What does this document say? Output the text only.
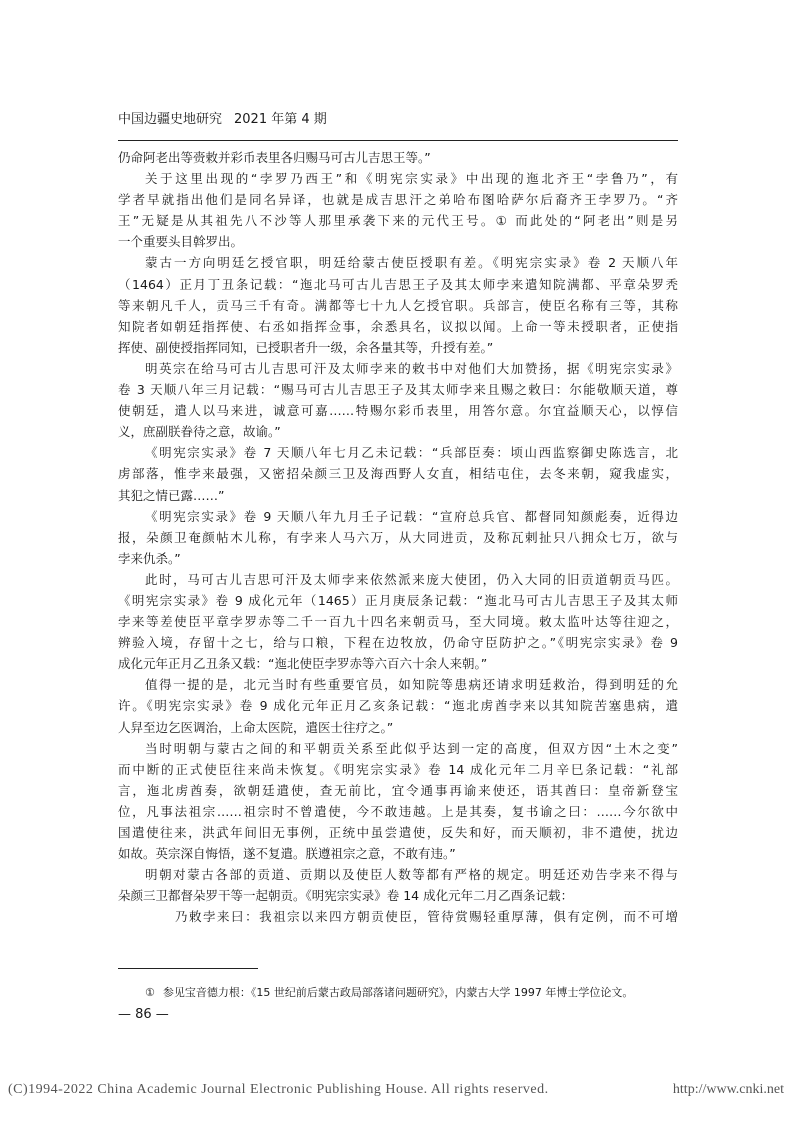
中国边疆史地研究 2021 年第 4 期
仍命阿老出等赍敕并彩币表里各归赐马可古儿吉思王等。”
关于这里出现的“孛罗乃西王”和《明宪宗实录》中出现的迤北齐王“孛鲁乃”，有
学者早就指出他们是同名异译，也就是成吉思汗之弟哈布图哈萨尔后裔齐王孛罗乃。“齐
王”无疑是从其祖先八不沙等人那里承袭下来的元代王号。① 而此处的“阿老出”则是另
一个重要头目斡罗出。
蒙古一方向明廷乞授官职，明廷给蒙古使臣授职有差。《明宪宗实录》卷 2 天顺八年
（1464）正月丁丑条记载：“迤北马可古儿吉思王子及其太师孛来遣知院满都、平章朵罗秃
等来朝凡千人，贡马三千有奇。满都等七十九人乞授官职。兵部言，使臣名称有三等，其称
知院者如朝廷指挥使、右丞如指挥佥事，余悉具名，议拟以闻。上命一等未授职者，正使指
挥使、副使授指挥同知，已授职者升一级，余各量其等，升授有差。”
明英宗在给马可古儿吉思可汗及太师孛来的敕书中对他们大加赞扬，据《明宪宗实录》
卷 3 天顺八年三月记载：“赐马可古儿吉思王子及其太师孛来且赐之敕曰：尔能敬顺天道，尊
使朝廷，遣人以马来进，诚意可嘉……特赐尔彩币表里，用答尔意。尔宜益顺天心，以惇信
义，庶副朕眷待之意，故谕。”
《明宪宗实录》卷 7 天顺八年七月乙未记载：“兵部臣奏：顷山西监察御史陈选言，北
虏部落，惟孛来最强，又密招朵颜三卫及海西野人女直，相结屯住，去冬来朝，窥我虚实，
其犯之情已露……”
《明宪宗实录》卷 9 天顺八年九月壬子记载：“宣府总兵官、都督同知颜彪奏，近得边
报，朵颜卫奄颜帖木儿称，有孛来人马六万，从大同进贡，及称瓦剌扯只八拥众七万，欲与
孛来仇杀。”
此时，马可古儿吉思可汗及太师孛来依然派来庞大使团，仍入大同的旧贡道朝贡马匹。
《明宪宗实录》卷 9 成化元年（1465）正月庚辰条记载：“迤北马可古儿吉思王子及其太师
孛来等差使臣平章孛罗赤等二千一百九十四名来朝贡马，至大同境。敕太监叶达等往迎之，
辨验入境，存留十之七，给与口粮，下程在边牧放，仍命守臣防护之。”《明宪宗实录》卷 9
成化元年正月乙丑条又载：“迤北使臣孛罗赤等六百六十余人来朝。”
值得一提的是，北元当时有些重要官员，如知院等患病还请求明廷救治，得到明廷的允
许。《明宪宗实录》卷 9 成化元年正月乙亥条记载：“迤北虏酋孛来以其知院苦塞患病，遣
人舁至边乞医调治，上命太医院，遣医士往疗之。”
当时明朝与蒙古之间的和平朝贡关系至此似乎达到一定的高度，但双方因“土木之变”
而中断的正式使臣往来尚未恢复。《明宪宗实录》卷 14 成化元年二月辛巳条记载：“礼部
言，迤北虏酋奏，欲朝廷遣使，查无前比，宜令通事再谕来使还，语其酋曰：皇帝新登宝
位，凡事法祖宗……祖宗时不曾遣使，今不敢违越。上是其奏，复书谕之曰：……今尔欲中
国遣使往来，洪武年间旧无事例，正统中虽尝遣使，反失和好，而天顺初，非不遣使，扰边
如故。英宗深自悔悟，遂不复遣。朕遵祖宗之意，不敢有违。”
明朝对蒙古各部的贡道、贡期以及使臣人数等都有严格的规定。明廷还劝告孛来不得与
朵颜三卫都督朵罗干等一起朝贡。《明宪宗实录》卷 14 成化元年二月乙酉条记载：
乃敕孛来曰：我祖宗以来四方朝贡使臣，管待赏赐轻重厚薄，俱有定例，而不可增
① 参见宝音德力根：《15 世纪前后蒙古政局部落诸问题研究》，内蒙古大学 1997 年博士学位论文。
— 86 —
(C)1994-2022 China Academic Journal Electronic Publishing House. All rights reserved.	http://www.cnki.net
